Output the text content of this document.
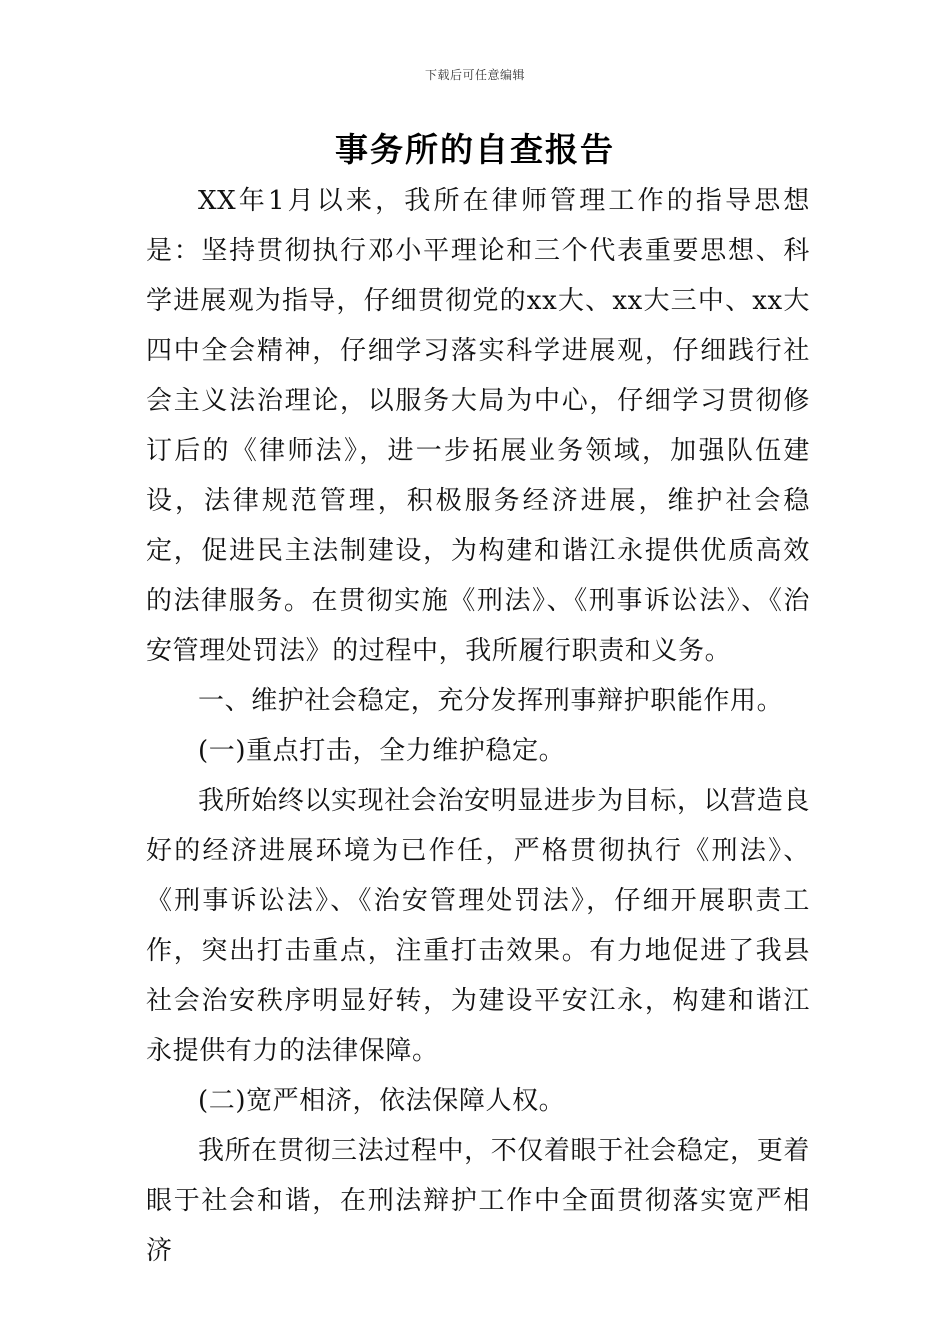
下载后可任意编辑
事务所的自查报告

XX年1月以来，我所在律师管理工作的指导思想是：坚持贯彻执行邓小平理论和三个代表重要思想、科学进展观为指导，仔细贯彻党的xx大、xx大三中、xx大四中全会精神，仔细学习落实科学进展观，仔细践行社会主义法治理论，以服务大局为中心，仔细学习贯彻修订后的《律师法》，进一步拓展业务领域，加强队伍建设，法律规范管理，积极服务经济进展，维护社会稳定，促进民主法制建设，为构建和谐江永提供优质高效的法律服务。在贯彻实施《刑法》、《刑事诉讼法》、《治安管理处罚法》的过程中，我所履行职责和义务。

一、维护社会稳定，充分发挥刑事辩护职能作用。

(一)重点打击，全力维护稳定。

我所始终以实现社会治安明显进步为目标，以营造良好的经济进展环境为已作任，严格贯彻执行《刑法》、《刑事诉讼法》、《治安管理处罚法》，仔细开展职责工作，突出打击重点，注重打击效果。有力地促进了我县社会治安秩序明显好转，为建设平安江永，构建和谐江永提供有力的法律保障。

(二)宽严相济，依法保障人权。

我所在贯彻三法过程中，不仅着眼于社会稳定，更着眼于社会和谐，在刑法辩护工作中全面贯彻落实宽严相济
